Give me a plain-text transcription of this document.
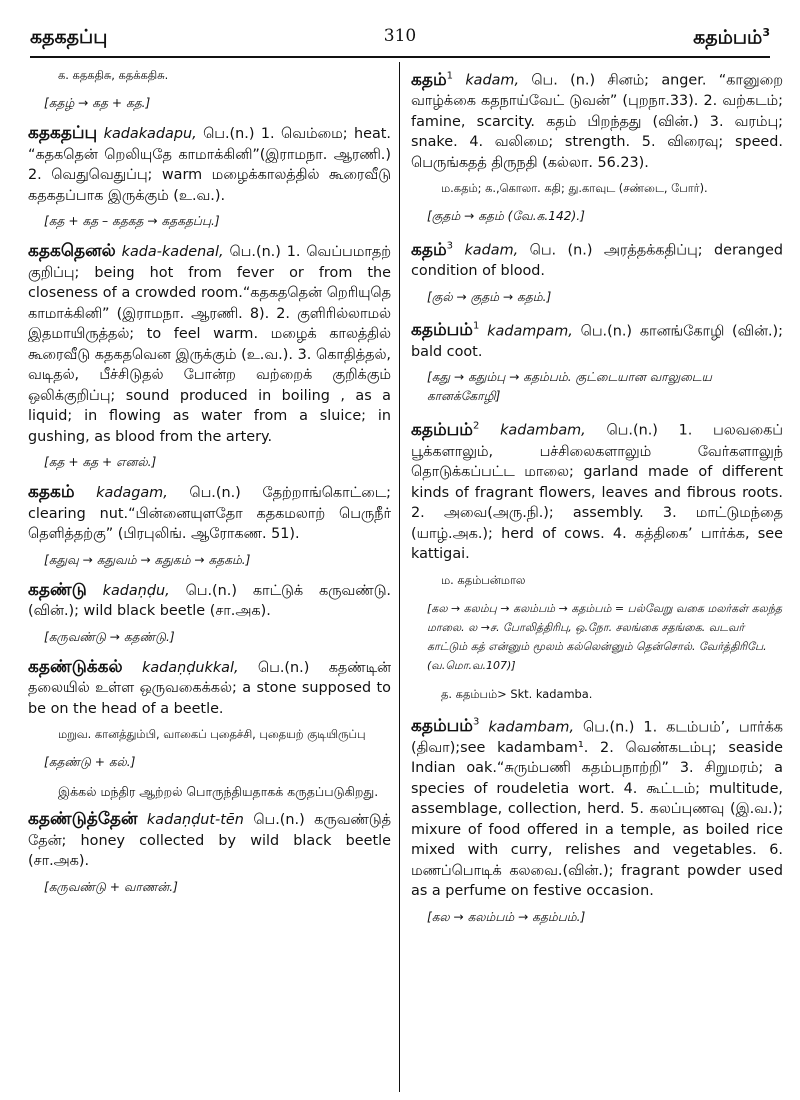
கதகதப்பு	310	கதம்பம்$^3$
க. கதகதிசு, கதக்கதிசு.
[கதழ் → கத + கத.]
கதகதப்பு kadakadapu, பெ.(n.) 1. வெம்மை; heat. “கதகதென் றெலியுதே காமாக்கினி”(இராமநா. ஆரணி.) 2. வெதுவெதுப்பு; warm மழைக்காலத்தில் கூரைவீடு கதகதப்பாக இருக்கும் (உ.வ.).
[கத + கத – கதகத → கதகதப்பு.]
கதகதெனல் kada-kadenal, பெ.(n.) 1. வெப்பமாதற் குறிப்பு; being hot from fever or from the closeness of a crowded room.“கதகததென் றெரியுதெ காமாக்கினி” (இராமநா. ஆரணி. 8). 2. குளிரில்லாமல் இதமாயிருத்தல்; to feel warm. மழைக் காலத்தில் கூரைவீடு கதகதவென இருக்கும் (உ.வ.). 3. கொதித்தல், வடிதல், பீச்சிடுதல் போன்ற வற்றைக் குறிக்கும் ஒலிக்குறிப்பு; sound produced in boiling , as a liquid; in flowing as water from a sluice; in gushing, as blood from the artery.
[கத + கத + எனல்.]
கதகம் kadagam, பெ.(n.) தேற்றாங்கொட்டை; clearing nut.“பின்னையுளதோ கதகமலாற் பெருநீர் தெளித்தற்கு” (பிரபுலிங். ஆரோகண. 51).
[கதுவு → கதுவம் → கதுகம் → கதகம்.]
கதண்டு kadaṇḍu, பெ.(n.) காட்டுக் கருவண்டு. (வின்.); wild black beetle (சா.அக).
[கருவண்டு → கதண்டு.]
கதண்டுக்கல் kadaṇḍukkal, பெ.(n.) கதண்டின் தலையில் உள்ள ஒருவகைக்கல்; a stone supposed to be on the head of a beetle.
மறுவ. கானத்தும்பி, வாகைப் புதைச்சி, புதையற் குடியிருப்பு
[கதண்டு + கல்.]
இக்கல் மந்திர ஆற்றல் பொருந்தியதாகக் கருதப்படுகிறது.
கதண்டுத்தேன் kadaṇḍut-tēn பெ.(n.) கருவண்டுத் தேன்; honey collected by wild black beetle (சா.அக).
[கருவண்டு + வாணன்.]
கதம்$^1$ kadam, பெ. (n.) சினம்; anger. “கானுறை வாழ்க்கை கதநாய்வேட் டுவன்” (புறநா.33). 2. வற்கடம்; famine, scarcity. கதம் பிறந்தது (வின்.) 3. வரம்பு; snake. 4. வலிமை; strength. 5. விரைவு; speed. பெருங்கதத் திருநதி (கல்லா. 56.23).
ம.கதம்; க.,கொலா. கதி; து.காவுட (சண்டை, போர்).
[குதம் → கதம் (வே.க.142).]
கதம்$^3$ kadam, பெ. (n.) அரத்தக்கதிப்பு; deranged condition of blood.
[குல் → குதம் → கதம்.]
கதம்பம்$^1$ kadampam, பெ.(n.) கானங்கோழி (வின்.); bald coot.
[கது → கதும்பு → கதம்பம். குட்டையான வாலுடைய கானக்கோழி]
கதம்பம்$^2$ kadambam, பெ.(n.) 1. பலவகைப் பூக்களாலும், பச்சிலைகளாலும் வேர்களாலுந் தொடுக்கப்பட்ட மாலை; garland made of different kinds of fragrant flowers, leaves and fibrous roots. 2. அவை(அரு.நி.); assembly. 3. மாட்டுமந்தை (யாழ்.அக.); herd of cows. 4. கத்திகை’ பார்க்க, see kattigai.
ம. கதம்பன்மால
[கல → கலம்பு → கலம்பம் → கதம்பம் = பல்வேறு வகை மலர்கள் கலந்த மாலை. ல →ச. போலித்திரிபு, ஒ.நோ. சலங்கை சதங்கை. வடவர் காட்டும் கத் என்னும் மூலம் கல்லென்னும் தென்சொல். வேர்த்திரிபே. (வ.மொ.வ.107)]
த. கதம்பம்> Skt. kadamba.
கதம்பம்$^3$ kadambam, பெ.(n.) 1. கடம்பம்’, பார்க்க (திவா);see kadambam¹. 2. வெண்கடம்பு; seaside Indian oak.“சுரும்பணி கதம்பநாற்றி” 3. சிறுமரம்; a species of roudeletia wort. 4. கூட்டம்; multitude, assemblage, collection, herd. 5. கலப்புணவு (இ.வ.); mixure of food offered in a temple, as boiled rice mixed with curry, relishes and vegetables. 6. மணப்பொடிக் கலவை.(வின்.); fragrant powder used as a perfume on festive occasion.
[கல → கலம்பம் → கதம்பம்.]
